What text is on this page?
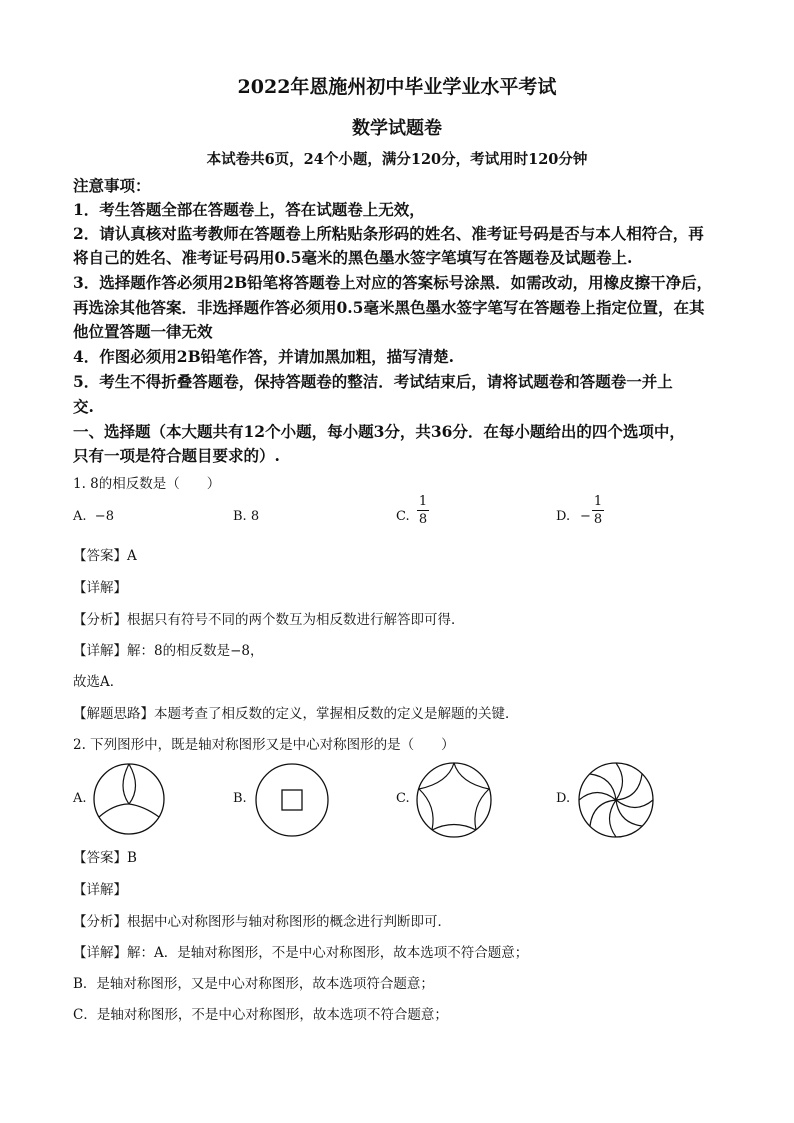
2022年恩施州初中毕业学业水平考试
数学试题卷
本试卷共6页，24个小题，满分120分，考试用时120分钟
注意事项：
1．考生答题全部在答题卷上，答在试题卷上无效，
2．请认真核对监考教师在答题卷上所粘贴条形码的姓名、准考证号码是否与本人相符合，再
将自己的姓名、准考证号码用0.5毫米的黑色墨水签字笔填写在答题卷及试题卷上.
3．选择题作答必须用2B铅笔将答题卷上对应的答案标号涂黑．如需改动，用橡皮擦干净后，
再选涂其他答案．非选择题作答必须用0.5毫米黑色墨水签字笔写在答题卷上指定位置，在其
他位置答题一律无效
4．作图必须用2B铅笔作答，并请加黑加粗，描写清楚.
5．考生不得折叠答题卷，保持答题卷的整洁．考试结束后，请将试题卷和答题卷一并上
交.
一、选择题（本大题共有12个小题，每小题3分，共36分．在每小题给出的四个选项中，
只有一项是符合题目要求的）.
1. 8的相反数是（　　）
A. −8	B. 8	C.
1
8	D. −
1
8
【答案】A
【详解】
【分析】根据只有符号不同的两个数互为相反数进行解答即可得．
【详解】解：8的相反数是−8，
故选A．
【解题思路】本题考查了相反数的定义，掌握相反数的定义是解题的关键．
2. 下列图形中，既是轴对称图形又是中心对称图形的是（　　）
A.	B.	C.	D.
【答案】B
【详解】
【分析】根据中心对称图形与轴对称图形的概念进行判断即可．
【详解】解：A．是轴对称图形，不是中心对称图形，故本选项不符合题意；
B．是轴对称图形，又是中心对称图形，故本选项符合题意；
C．是轴对称图形，不是中心对称图形，故本选项不符合题意；
